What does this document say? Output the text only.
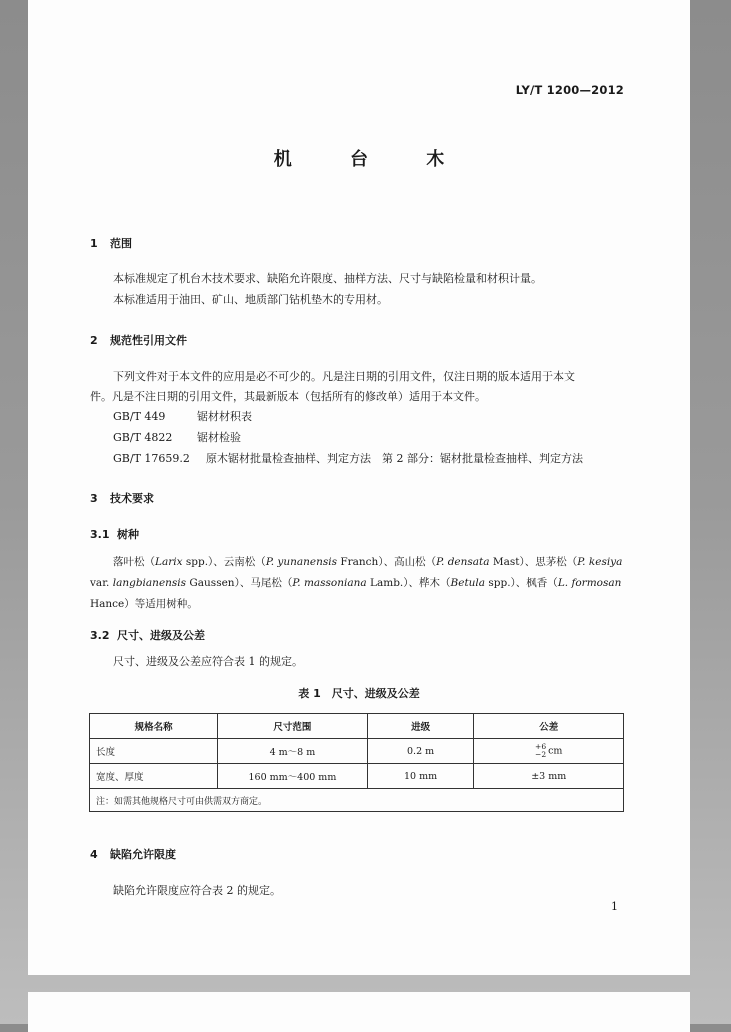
LY/T 1200—2012
机 台 木
1 范围
本标准规定了机台木技术要求、缺陷允许限度、抽样方法、尺寸与缺陷检量和材积计量。
本标准适用于油田、矿山、地质部门钻机垫木的专用材。
2 规范性引用文件
下列文件对于本文件的应用是必不可少的。凡是注日期的引用文件，仅注日期的版本适用于本文
件。凡是不注日期的引用文件，其最新版本（包括所有的修改单）适用于本文件。
GB/T 449	锯材材积表
GB/T 4822 锯材检验
GB/T 17659.2 原木锯材批量检查抽样、判定方法　第 2 部分：锯材批量检查抽样、判定方法
3 技术要求
3.1 树种
落叶松（Larix spp.）、云南松（P. yunanensis Franch）、高山松（P. densata Mast）、思茅松（P. kesiya
var. langbianensis Gaussen）、马尾松（P. massoniana Lamb.）、桦木（Betula spp.）、枫香（L. formosan
Hance）等适用树种。
3.2 尺寸、进级及公差
尺寸、进级及公差应符合表 1 的规定。
表 1　尺寸、进级及公差
规格名称	尺寸范围	进级	公差
长度	4 m～8 m	0.2 m	+6
−2 cm
宽度、厚度	160 mm～400 mm	10 mm	±3 mm
注：如需其他规格尺寸可由供需双方商定。			
4 缺陷允许限度
缺陷允许限度应符合表 2 的规定。
1
